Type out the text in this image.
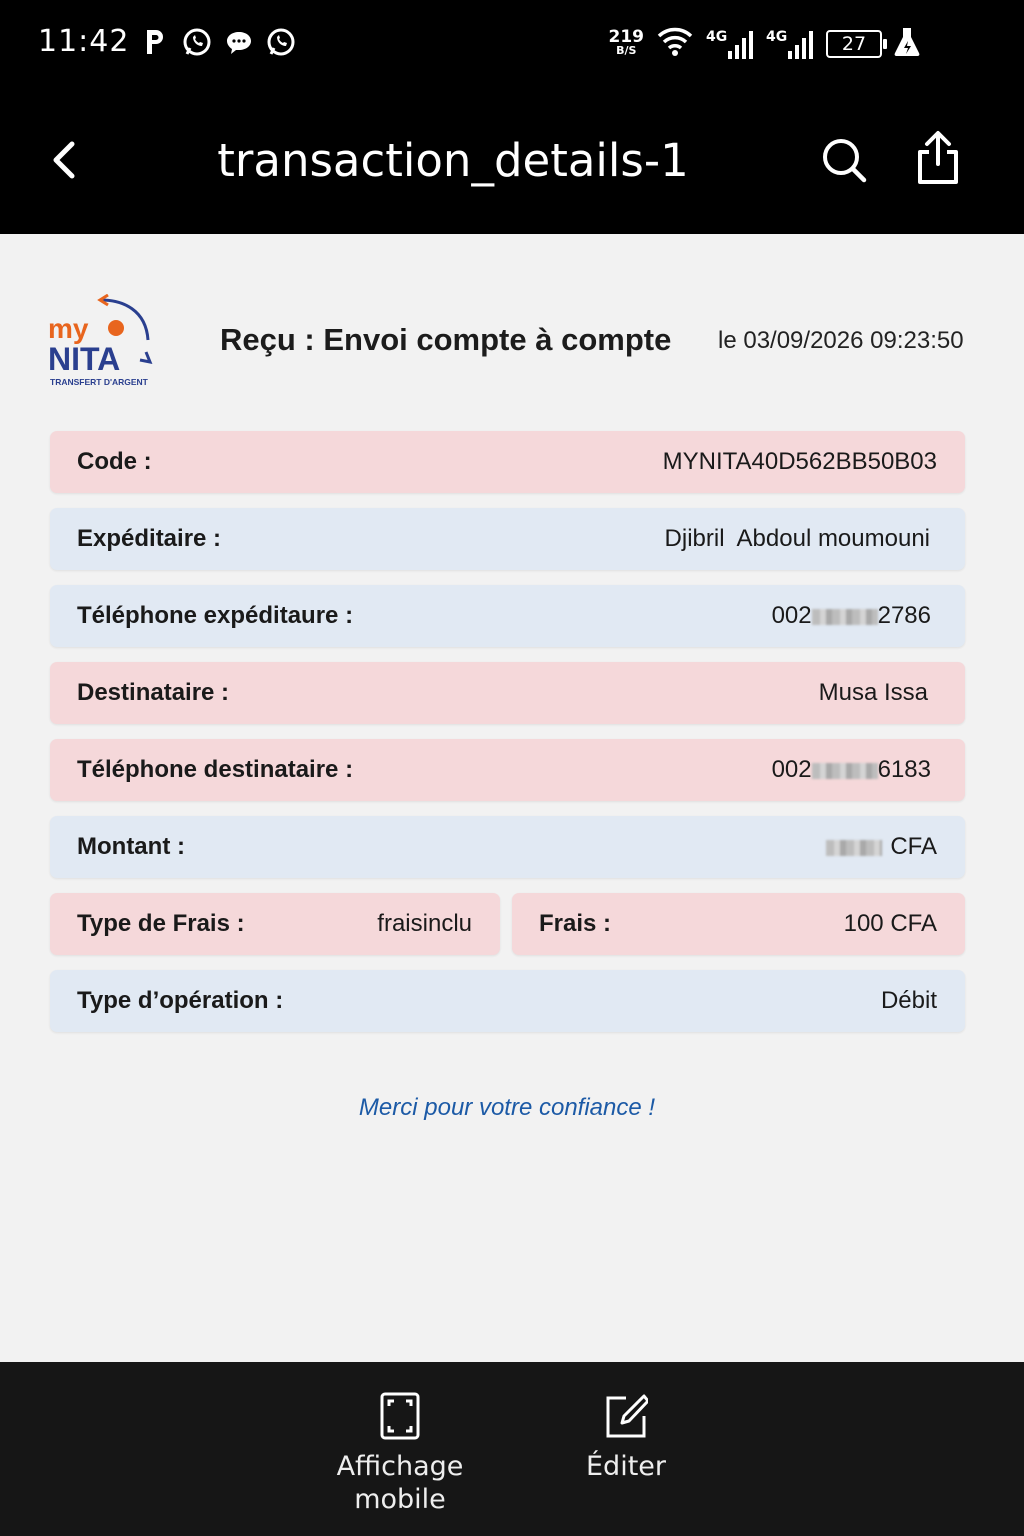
11:42	219
B/S
4G	4G	27
transaction_details-1
my
NITA
TRANSFERT D'ARGENT
Reçu : Envoi compte à compte le 03/09/2026 09:23:50
Code :	MYNITA40D562BB50B03
Expéditaire :	Djibril  Abdoul moumouni
Téléphone expéditaure :	002	2786
Destinataire :	Musa Issa
Téléphone destinataire :	002	6183
Montant :	CFA
Type de Frais :	fraisinclu	Frais :	100 CFA
Type d’opération :	Débit
Merci pour votre confiance !
Affichage
mobile
Éditer
